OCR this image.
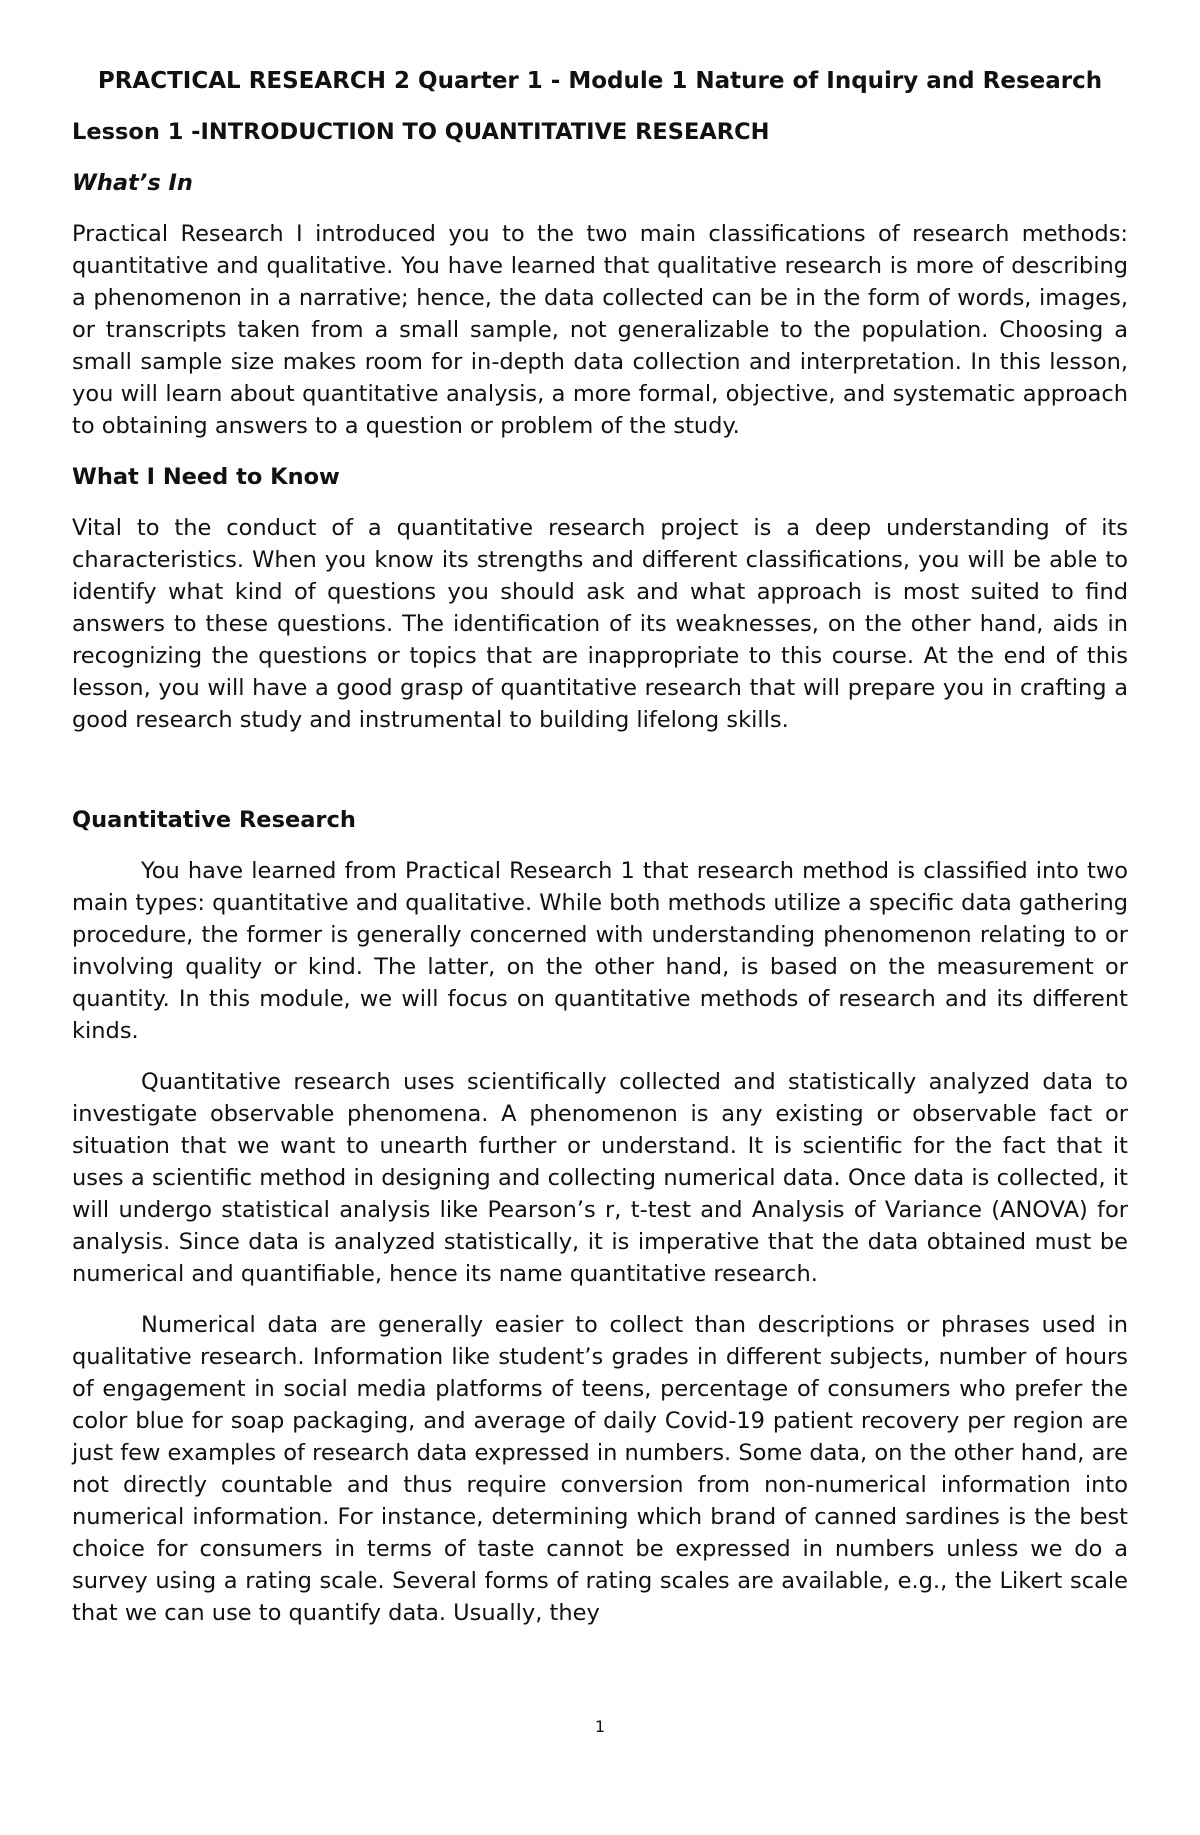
PRACTICAL RESEARCH 2 Quarter 1 - Module 1 Nature of Inquiry and Research
Lesson 1 -INTRODUCTION TO QUANTITATIVE RESEARCH
What’s In

Practical Research I introduced you to the two main classifications of research methods: quantitative and qualitative. You have learned that qualitative research is more of describing a phenomenon in a narrative; hence, the data collected can be in the form of words, images, or transcripts taken from a small sample, not generalizable to the population. Choosing a small sample size makes room for in-depth data collection and interpretation. In this lesson, you will learn about quantitative analysis, a more formal, objective, and systematic approach to obtaining answers to a question or problem of the study.

What I Need to Know

Vital to the conduct of a quantitative research project is a deep understanding of its characteristics. When you know its strengths and different classifications, you will be able to identify what kind of questions you should ask and what approach is most suited to find answers to these questions. The identification of its weaknesses, on the other hand, aids in recognizing the questions or topics that are inappropriate to this course. At the end of this lesson, you will have a good grasp of quantitative research that will prepare you in crafting a good research study and instrumental to building lifelong skills.

Quantitative Research

You have learned from Practical Research 1 that research method is classified into two main types: quantitative and qualitative. While both methods utilize a specific data gathering procedure, the former is generally concerned with understanding phenomenon relating to or involving quality or kind. The latter, on the other hand, is based on the measurement or quantity. In this module, we will focus on quantitative methods of research and its different kinds.

Quantitative research uses scientifically collected and statistically analyzed data to investigate observable phenomena. A phenomenon is any existing or observable fact or situation that we want to unearth further or understand. It is scientific for the fact that it uses a scientific method in designing and collecting numerical data. Once data is collected, it will undergo statistical analysis like Pearson’s r, t-test and Analysis of Variance (ANOVA) for analysis. Since data is analyzed statistically, it is imperative that the data obtained must be numerical and quantifiable, hence its name quantitative research.

Numerical data are generally easier to collect than descriptions or phrases used in qualitative research. Information like student’s grades in different subjects, number of hours of engagement in social media platforms of teens, percentage of consumers who prefer the color blue for soap packaging, and average of daily Covid-19 patient recovery per region are just few examples of research data expressed in numbers. Some data, on the other hand, are not directly countable and thus require conversion from non-numerical information into numerical information. For instance, determining which brand of canned sardines is the best choice for consumers in terms of taste cannot be expressed in numbers unless we do a survey using a rating scale. Several forms of rating scales are available, e.g., the Likert scale that we can use to quantify data. Usually, they

1
